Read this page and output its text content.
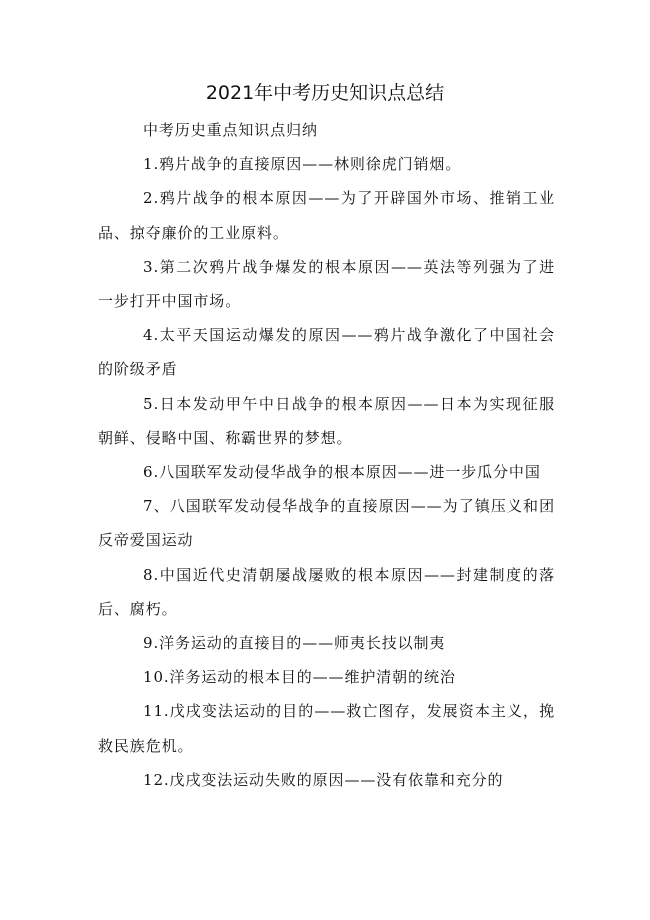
2021年中考历史知识点总结

中考历史重点知识点归纳

1.鸦片战争的直接原因——林则徐虎门销烟。

2.鸦片战争的根本原因——为了开辟国外市场、推销工业品、掠夺廉价的工业原料。

3.第二次鸦片战争爆发的根本原因——英法等列强为了进一步打开中国市场。

4.太平天国运动爆发的原因——鸦片战争激化了中国社会的阶级矛盾

5.日本发动甲午中日战争的根本原因——日本为实现征服朝鲜、侵略中国、称霸世界的梦想。

6.八国联军发动侵华战争的根本原因——进一步瓜分中国

7、八国联军发动侵华战争的直接原因——为了镇压义和团反帝爱国运动

8.中国近代史清朝屡战屡败的根本原因——封建制度的落后、腐朽。

9.洋务运动的直接目的——师夷长技以制夷

10.洋务运动的根本目的——维护清朝的统治

11.戊戌变法运动的目的——救亡图存，发展资本主义，挽救民族危机。

12.戊戌变法运动失败的原因——没有依靠和充分的
